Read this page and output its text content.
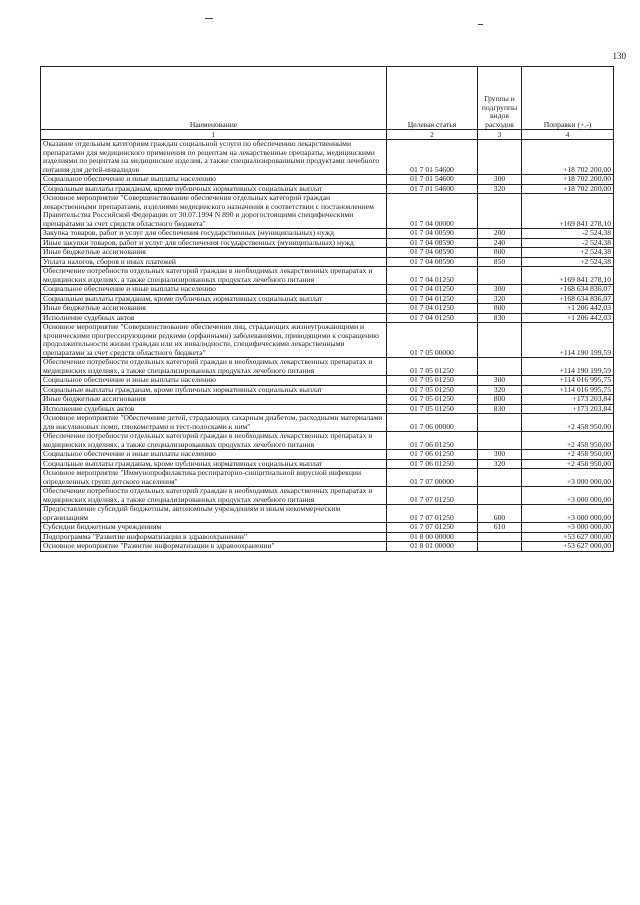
130
Наименование	Целевая статья	Группы и подгруппы видов расходов	Поправки (+,-)
1	2	3	4
Оказание отдельным категориям граждан социальной услуги по обеспечению лекарственными препаратами для медицинского применения по рецептам на лекарственные препараты, медицинскими изделиями по рецептам на медицинские изделия, а также специализированными продуктами лечебного питания для детей-инвалидов	01 7 01 54600		+18 702 200,00
Социальное обеспечение и иные выплаты населению	01 7 01 54600	300	+18 702 200,00
Социальные выплаты гражданам, кроме публичных нормативных социальных выплат	01 7 01 54600	320	+18 702 200,00
Основное мероприятие "Совершенствование обеспечения отдельных категорий граждан лекарственными препаратами, изделиями медицинского назначения в соответствии с постановлением Правительства Российской Федерации от 30.07.1994 N 890 и дорогостоящими специфическими препаратами за счет средств областного бюджета"	01 7 04 00000		+169 841 278,10
Закупка товаров, работ и услуг для обеспечения государственных (муниципальных) нужд	01 7 04 00590	200	-2 524,38
Иные закупки товаров, работ и услуг для обеспечения государственных (муниципальных) нужд	01 7 04 00590	240	-2 524,38
Иные бюджетные ассигнования	01 7 04 00590	800	+2 524,38
Уплата налогов, сборов и иных платежей	01 7 04 00590	850	+2 524,38
Обеспечение потребности отдельных категорий граждан в необходимых лекарственных препаратах и медицинских изделиях, а также специализированных продуктах лечебного питания	01 7 04 01250		+169 841 278,10
Социальное обеспечение и иные выплаты населению	01 7 04 01250	300	+168 634 836,07
Социальные выплаты гражданам, кроме публичных нормативных социальных выплат	01 7 04 01250	320	+168 634 836,07
Иные бюджетные ассигнования	01 7 04 01250	800	+1 206 442,03
Исполнение судебных актов	01 7 04 01250	830	+1 206 442,03
Основное мероприятие "Совершенствование обеспечения лиц, страдающих жизнеугрожающими и хроническими прогрессирующими редкими (орфанными) заболеваниями, приводящими к сокращению продолжительности жизни граждан или их инвалидности, специфическими лекарственными препаратами за счет средств областного бюджета"	01 7 05 00000		+114 190 199,59
Обеспечение потребности отдельных категорий граждан в необходимых лекарственных препаратах и медицинских изделиях, а также специализированных продуктах лечебного питания	01 7 05 01250		+114 190 199,59
Социальное обеспечение и иные выплаты населению	01 7 05 01250	300	+114 016 995,75
Социальные выплаты гражданам, кроме публичных нормативных социальных выплат	01 7 05 01250	320	+114 016 995,75
Иные бюджетные ассигнования	01 7 05 01250	800	+173 203,84
Исполнение судебных актов	01 7 05 01250	830	+173 203,84
Основное мероприятие "Обеспечение детей, страдающих сахарным диабетом, расходными материалами для инсулиновых помп, глюкометрами и тест-полосками к ним"	01 7 06 00000		+2 458 950,00
Обеспечение потребности отдельных категорий граждан в необходимых лекарственных препаратах и медицинских изделиях, а также специализированных продуктах лечебного питания	01 7 06 01250		+2 458 950,00
Социальное обеспечение и иные выплаты населению	01 7 06 01250	300	+2 458 950,00
Социальные выплаты гражданам, кроме публичных нормативных социальных выплат	01 7 06 01250	320	+2 458 950,00
Основное мероприятие "Иммунопрофилактика респираторно-синцитиальной вирусной инфекции определенных групп детского населения"	01 7 07 00000		+3 000 000,00
Обеспечение потребности отдельных категорий граждан в необходимых лекарственных препаратах и медицинских изделиях, а также специализированных продуктах лечебного питания	01 7 07 01250		+3 000 000,00
Предоставление субсидий бюджетным, автономным учреждениям и иным некоммерческим организациям	01 7 07 01250	600	+3 000 000,00
Субсидии бюджетным учреждениям	01 7 07 01250	610	+3 000 000,00
Подпрограмма "Развитие информатизации в здравоохранении"	01 8 00 00000		+53 627 000,00
Основное мероприятие "Развитие информатизации в здравоохранении"	01 8 01 00000		+53 627 000,00
